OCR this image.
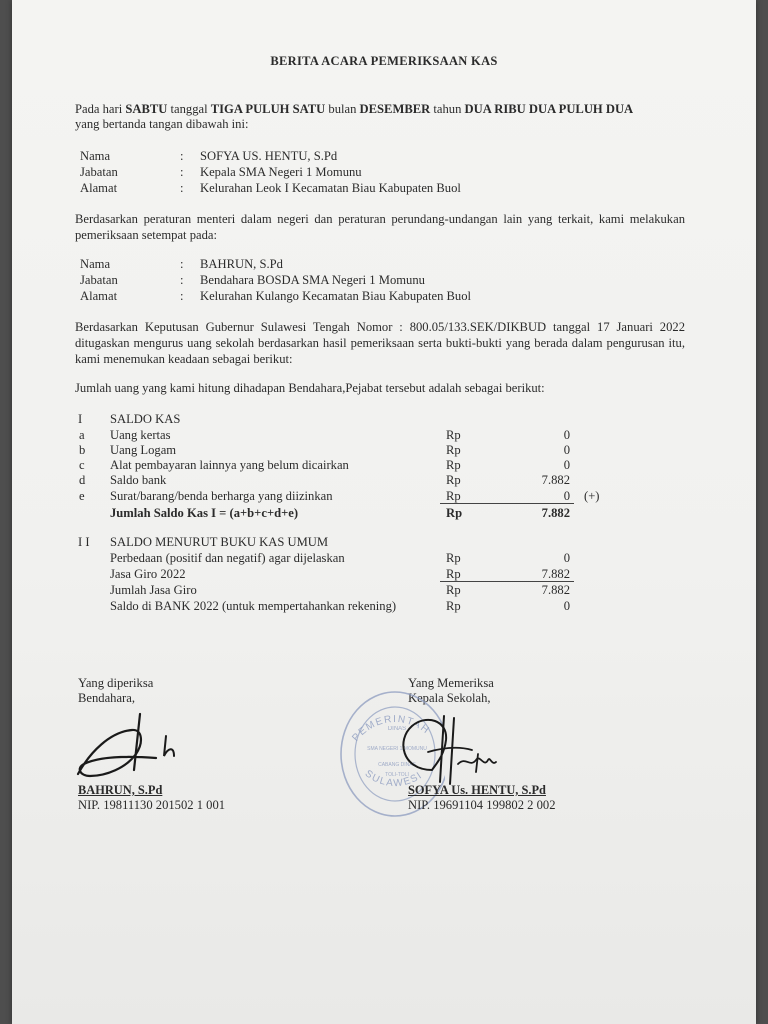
BERITA ACARA PEMERIKSAAN KAS
Pada hari SABTU tanggal TIGA PULUH SATU bulan DESEMBER tahun DUA RIBU DUA PULUH DUA
yang bertanda tangan dibawah ini:
Nama	: SOFYA US. HENTU, S.Pd
Jabatan	: Kepala SMA Negeri 1 Momunu
Alamat	: Kelurahan Leok I Kecamatan Biau Kabupaten Buol
Berdasarkan peraturan menteri dalam negeri dan peraturan perundang-undangan lain yang terkait, kami melakukan pemeriksaan setempat pada:
Nama	: BAHRUN, S.Pd
Jabatan	: Bendahara BOSDA SMA Negeri 1 Momunu
Alamat	: Kelurahan Kulango Kecamatan Biau Kabupaten Buol
Berdasarkan Keputusan Gubernur Sulawesi Tengah Nomor : 800.05/133.SEK/DIKBUD tanggal 17 Januari 2022 ditugaskan mengurus uang sekolah berdasarkan hasil pemeriksaan serta bukti-bukti yang berada dalam pengurusan itu, kami menemukan keadaan sebagai berikut:
Jumlah uang yang kami hitung dihadapan Bendahara,Pejabat tersebut adalah sebagai berikut:
I SALDO KAS
a Uang kertas	Rp	0
b Uang Logam	Rp	0
c Alat pembayaran lainnya yang belum dicairkan	Rp	0
d Saldo bank	Rp	7.882
e Surat/barang/benda berharga yang diizinkan	Rp	0 (+)
Jumlah Saldo Kas I = (a+b+c+d+e)	Rp	7.882
I I SALDO MENURUT BUKU KAS UMUM
Perbedaan (positif dan negatif) agar dijelaskan	Rp	0
Jasa Giro 2022	Rp	7.882
Jumlah Jasa Giro	Rp	7.882
Saldo di BANK 2022 (untuk mempertahankan rekening)	Rp	0
Yang diperiksa
Bendahara,
BAHRUN, S.Pd
NIP. 19811130 201502 1 001
Yang Memeriksa
Kepala Sekolah,
PEMERINTAH
SULAWESI
DINAS
SMA NEGERI 1 MOMUNU
CABANG DINAS
TOLI-TOLI
SOFYA Us. HENTU, S.Pd
NIP. 19691104 199802 2 002
